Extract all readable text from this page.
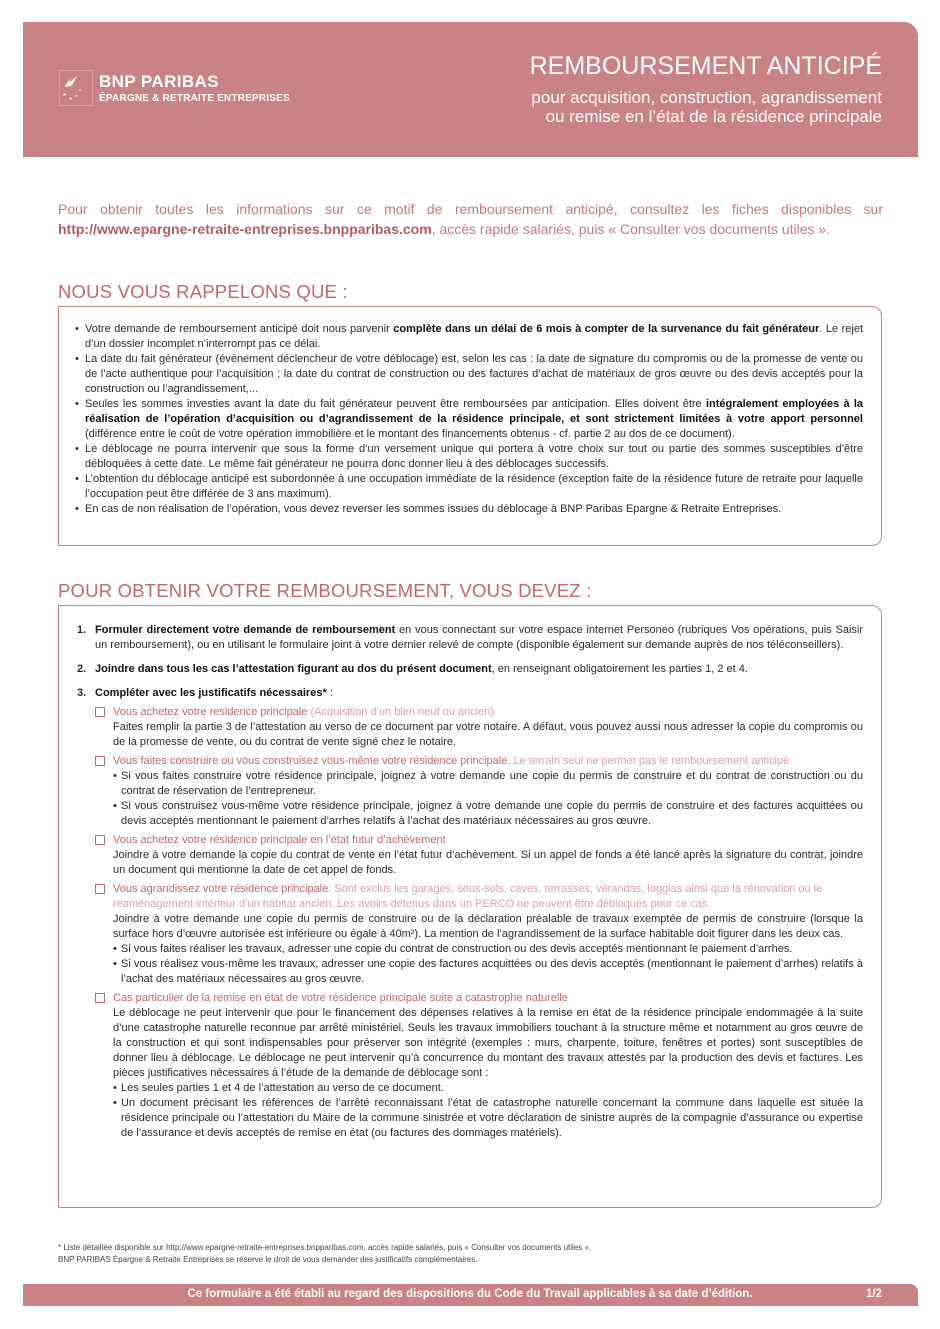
BNP PARIBAS
ÉPARGNE & RETRAITE ENTREPRISES
REMBOURSEMENT ANTICIPÉ
pour acquisition, construction, agrandissement
ou remise en l’état de la résidence principale
Pour obtenir toutes les informations sur ce motif de remboursement anticipé, consultez les fiches disponibles sur http://www.epargne-retraite-entreprises.bnpparibas.com, accès rapide salariés, puis « Consulter vos documents utiles ».
NOUS VOUS RAPPELONS QUE :
• Votre demande de remboursement anticipé doit nous parvenir complète dans un délai de 6 mois à compter de la survenance du fait générateur. Le rejet d’un dossier incomplet n’interrompt pas ce délai.
• La date du fait générateur (évènement déclencheur de votre déblocage) est, selon les cas : la date de signature du compromis ou de la promesse de vente ou de l’acte authentique pour l’acquisition ; la date du contrat de construction ou des factures d’achat de matériaux de gros œuvre ou des devis acceptés pour la construction ou l’agrandissement,...
• Seules les sommes investies avant la date du fait générateur peuvent être remboursées par anticipation. Elles doivent être intégralement employées à la réalisation de l’opération d’acquisition ou d’agrandissement de la résidence principale, et sont strictement limitées à votre apport personnel (différence entre le coût de votre opération immobilière et le montant des financements obtenus - cf. partie 2 au dos de ce document).
• Le déblocage ne pourra intervenir que sous la forme d’un versement unique qui portera à votre choix sur tout ou partie des sommes susceptibles d’être débloquées à cette date. Le même fait générateur ne pourra donc donner lieu à des déblocages successifs.
• L’obtention du déblocage anticipé est subordonnée à une occupation immédiate de la résidence (exception faite de la résidence future de retraite pour laquelle l’occupation peut être différée de 3 ans maximum).
• En cas de non réalisation de l’opération, vous devez reverser les sommes issues du déblocage à BNP Paribas Epargne & Retraite Entreprises.
POUR OBTENIR VOTRE REMBOURSEMENT, VOUS DEVEZ :
1. Formuler directement votre demande de remboursement en vous connectant sur votre espace internet Personeo (rubriques Vos opérations, puis Saisir un remboursement), ou en utilisant le formulaire joint à votre dernier relevé de compte (disponible également sur demande auprès de nos téléconseillers).
2. Joindre dans tous les cas l’attestation figurant au dos du présent document, en renseignant obligatoirement les parties 1, 2 et 4.
3. Compléter avec les justificatifs nécessaires* :
Vous achetez votre residence principale (Acquisition d’un bien neuf ou ancien)
Faites remplir la partie 3 de l’attestation au verso de ce document par votre notaire. A défaut, vous pouvez aussi nous adresser la copie du compromis ou de la promesse de vente, ou du contrat de vente signé chez le notaire.
Vous faites construire ou vous construisez vous-même votre résidence principale. Le terrain seul ne permet pas le remboursement anticipé
• Si vous faites construire votre résidence principale, joignez à votre demande une copie du permis de construire et du contrat de construction ou du contrat de réservation de l’entrepreneur.
• Si vous construisez vous-même votre résidence principale, joignez à votre demande une copie du permis de construire et des factures acquittées ou devis acceptés mentionnant le paiement d’arrhes relatifs à l’achat des matériaux nécessaires au gros œuvre.
Vous achetez votre résidence principale en l’état futur d’achèvement
Joindre à votre demande la copie du contrat de vente en l’état futur d’achèvement. Si un appel de fonds a été lancé après la signature du contrat, joindre un document qui mentionne la date de cet appel de fonds.
Vous agrandissez votre résidence principale. Sont exclus les garages, sous-sols, caves, terrasses, vérandas, loggias ainsi que la rénovation ou le réaménagement intérieur d’un habitat ancien. Les avoirs détenus dans un PERCO ne peuvent être débloqués pour ce cas.
Joindre à votre demande une copie du permis de construire ou de la déclaration préalable de travaux exemptée de permis de construire (lorsque la surface hors d’œuvre autorisée est inférieure ou égale à 40m²). La mention de l’agrandissement de la surface habitable doit figurer dans les deux cas.
• Si vous faites réaliser les travaux, adresser une copie du contrat de construction ou des devis acceptés mentionnant le paiement d’arrhes.
• Si vous réalisez vous-même les travaux, adresser une copie des factures acquittées ou des devis acceptés (mentionnant le paiement d’arrhes) relatifs à l’achat des matériaux nécessaires au gros œuvre.
Cas particulier de la remise en état de votre résidence principale suite a catastrophe naturelle
Le déblocage ne peut intervenir que pour le financement des dépenses relatives à la remise en état de la résidence principale endommagée à la suite d’une catastrophe naturelle reconnue par arrêté ministériel. Seuls les travaux immobiliers touchant à la structure même et notamment au gros œuvre de la construction et qui sont indispensables pour préserver son intégrité (exemples : murs, charpente, toiture, fenêtres et portes) sont susceptibles de donner lieu à déblocage. Le déblocage ne peut intervenir qu’à concurrence du montant des travaux attestés par la production des devis et factures. Les pièces justificatives nécessaires à l’étude de la demande de déblocage sont :
• Les seules parties 1 et 4 de l’attestation au verso de ce document.
• Un document précisant les références de l’arrêté reconnaissant l’état de catastrophe naturelle concernant la commune dans laquelle est située la résidence principale ou l’attestation du Maire de la commune sinistrée et votre déclaration de sinistre auprès de la compagnie d’assurance ou expertise de l’assurance et devis acceptés de remise en état (ou factures des dommages matériels).
* Liste détaillée disponible sur http://www.epargne-retraite-entreprises.bnpparibas.com, accès rapide salariés, puis « Consulter vos documents utiles ».
BNP PARIBAS Épargne & Retraite Entreprises se réserve le droit de vous demander des justificatifs complémentaires.
Ce formulaire a été établi au regard des dispositions du Code du Travail applicables à sa date d’édition.	1/2
